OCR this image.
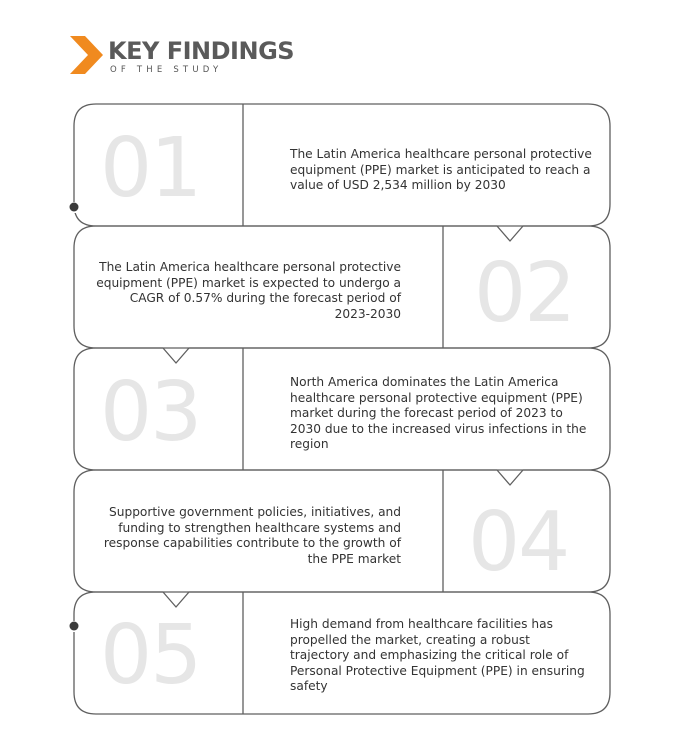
KEY FINDINGS
OF THE STUDY
01	The Latin America healthcare personal protective equipment (PPE) market is anticipated to reach a value of USD 2,534 million by 2030
02
The Latin America healthcare personal protective equipment (PPE) market is expected to undergo a CAGR of 0.57% during the forecast period of 2023-2030
03	North America dominates the Latin America healthcare personal protective equipment (PPE) market during the forecast period of 2023 to 2030 due to the increased virus infections in the region
04
Supportive government policies, initiatives, and funding to strengthen healthcare systems and response capabilities contribute to the growth of the PPE market
05	High demand from healthcare facilities has propelled the market, creating a robust trajectory and emphasizing the critical role of Personal Protective Equipment (PPE) in ensuring safety
